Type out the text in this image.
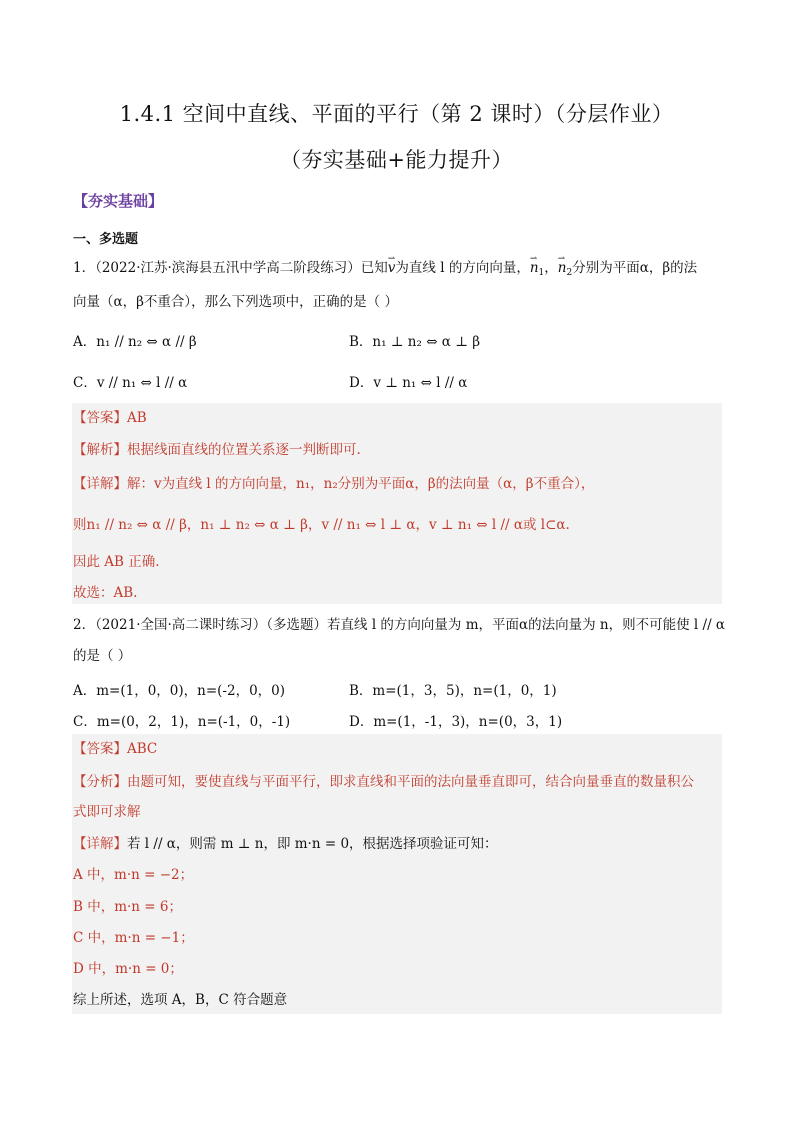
1.4.1 空间中直线、平面的平行（第 2 课时）（分层作业）
（夯实基础+能力提升）
【夯实基础】
一、多选题
1．（2022·江苏·滨海县五汛中学高二阶段练习）已知⇀ v为直线 l 的方向向量，⇀ $n_1$，⇀ $n_2$分别为平面α，β的法
向量（α，β不重合），那么下列选项中，正确的是（ ）
A．n₁ // n₂ ⇔ α // β	B．n₁ ⊥ n₂ ⇔ α ⊥ β
C．v // n₁ ⇔ l // α	D．v ⊥ n₁ ⇔ l // α
【答案】AB
【解析】根据线面直线的位置关系逐一判断即可.
【详解】解：v为直线 l 的方向向量，n₁，n₂分别为平面α，β的法向量（α，β不重合），
则n₁ // n₂ ⇔ α // β，n₁ ⊥ n₂ ⇔ α ⊥ β，v // n₁ ⇔ l ⊥ α，v ⊥ n₁ ⇔ l // α或 l⊂α.
因此 AB 正确.
故选：AB.
2．（2021·全国·高二课时练习）（多选题）若直线 l 的方向向量为 m，平面α的法向量为 n，则不可能使 l // α
的是（ ）
A．m=(1，0，0)，n=(-2，0，0)	B．m=(1，3，5)，n=(1，0，1)
C．m=(0，2，1)，n=(-1，0，-1)	D．m=(1，-1，3)，n=(0，3，1)
【答案】ABC
【分析】由题可知，要使直线与平面平行，即求直线和平面的法向量垂直即可，结合向量垂直的数量积公
式即可求解
【详解】若 l // α，则需 m ⊥ n，即 m·n = 0，根据选择项验证可知：
A 中，m·n = −2；
B 中，m·n = 6；
C 中，m·n = −1；
D 中，m·n = 0；
综上所述，选项 A，B，C 符合题意
